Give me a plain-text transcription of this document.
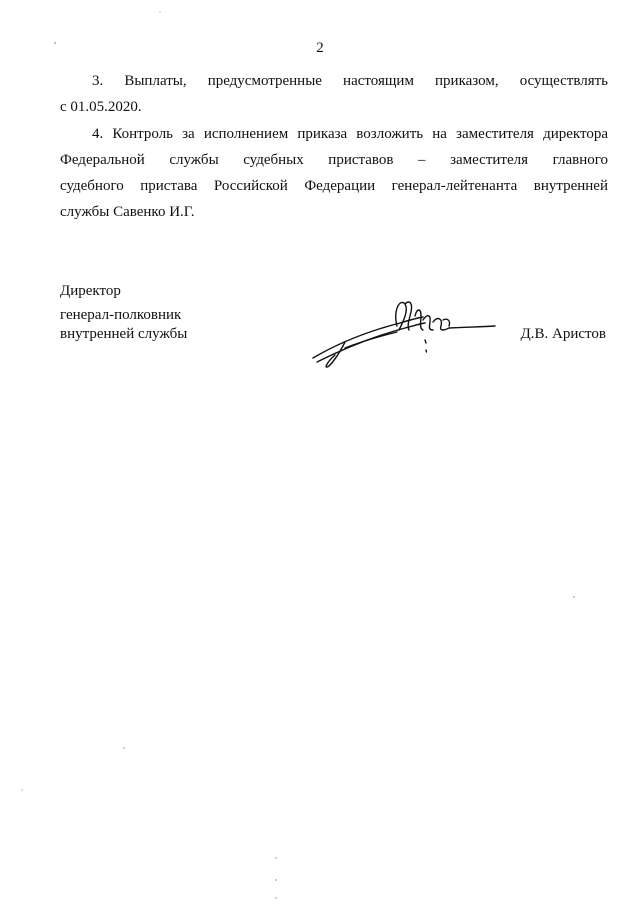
2
3. Выплаты, предусмотренные настоящим приказом, осуществлять
с 01.05.2020.
4. Контроль за исполнением приказа возложить на заместителя директора
Федеральной службы судебных приставов – заместителя главного
судебного пристава Российской Федерации генерал-лейтенанта внутренней
службы Савенко И.Г.
Директор
генерал-полковник
внутренней службы	Д.В. Аристов
